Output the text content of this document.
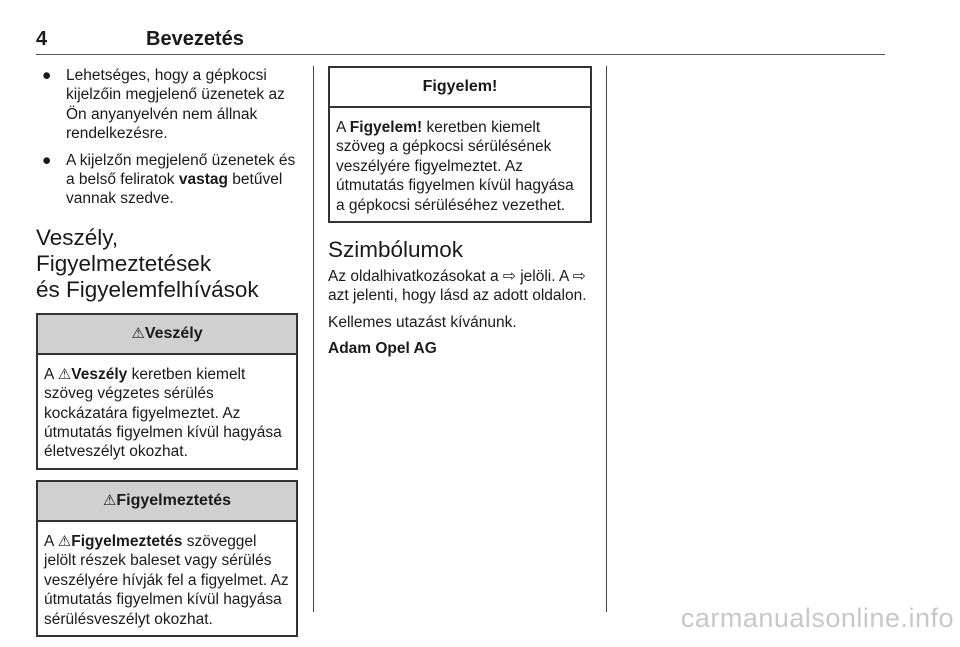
4	Bevezetés
● Lehetséges, hogy a gépkocsi kijelzőin megjelenő üzenetek az Ön anyanyelvén nem állnak rendelkezésre.
● A kijelzőn megjelenő üzenetek és a belső feliratok vastag betűvel vannak szedve.
Veszély, Figyelmeztetések
és Figyelemfelhívások
⚠Veszély
A ⚠Veszély keretben kiemelt szöveg végzetes sérülés kockázatára figyelmeztet. Az útmutatás figyelmen kívül hagyása életveszélyt okozhat.
⚠Figyelmeztetés
A ⚠Figyelmeztetés szöveggel jelölt részek baleset vagy sérülés veszélyére hívják fel a figyelmet. Az útmutatás figyelmen kívül hagyása sérülésveszélyt okozhat.
Figyelem!
A Figyelem! keretben kiemelt szöveg a gépkocsi sérülésének veszélyére figyelmeztet. Az útmutatás figyelmen kívül hagyása a gépkocsi sérüléséhez vezethet.
Szimbólumok

Az oldalhivatkozásokat a ⇨ jelöli. A ⇨ azt jelenti, hogy lásd az adott oldalon.

Kellemes utazást kívánunk.

Adam Opel AG

carmanualsonline.info
